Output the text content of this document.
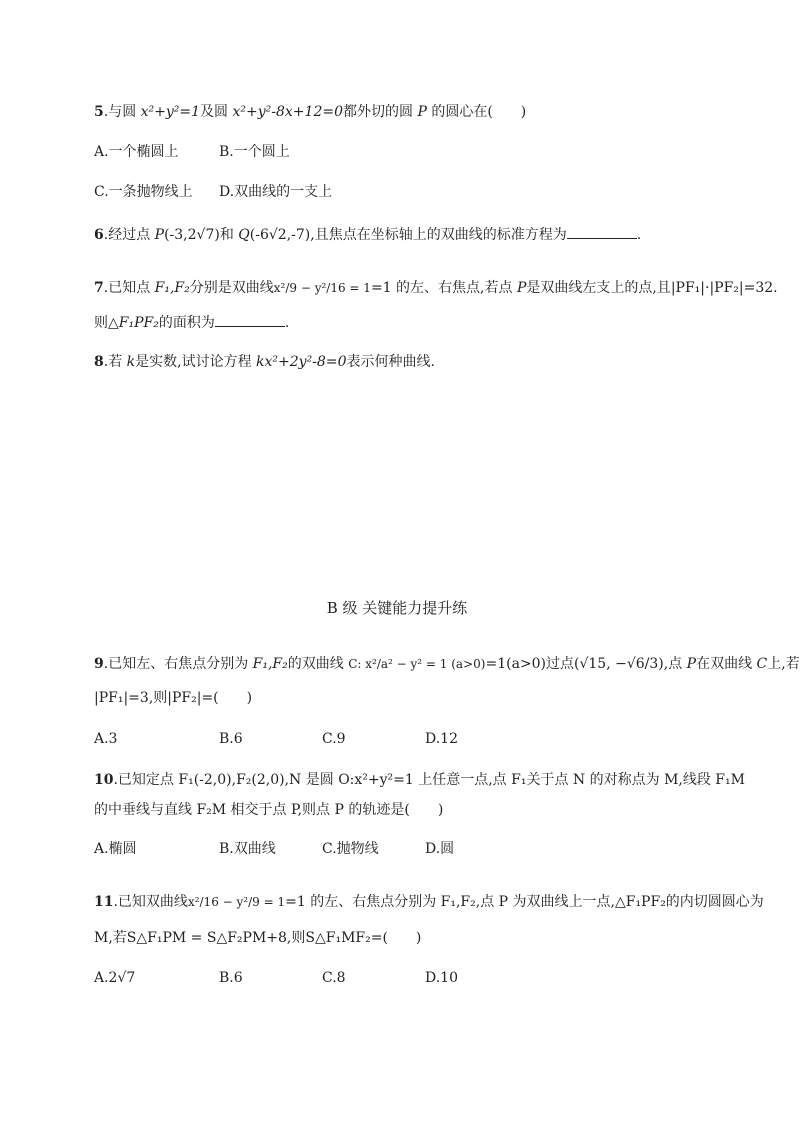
5.与圆 x²+y²=1及圆 x²+y²-8x+12=0都外切的圆 P 的圆心在(　　)
A.一个椭圆上	B.一个圆上
C.一条抛物线上 D.双曲线的一支上
6.经过点 P(-3,2√7)和 Q(-6√2,-7),且焦点在坐标轴上的双曲线的标准方程为	.
7.已知点 F₁,F₂分别是双曲线x²/9 − y²/16 = 1=1 的左、右焦点,若点 P是双曲线左支上的点,且|PF₁|·|PF₂|=32.
则△F₁PF₂的面积为	.
8.若 k是实数,试讨论方程 kx²+2y²-8=0表示何种曲线.
B 级 关键能力提升练
9.已知左、右焦点分别为 F₁,F₂的双曲线 C: x²/a² − y² = 1 (a>0)=1(a>0)过点(√15, −√6/3),点 P在双曲线 C上,若
|PF₁|=3,则|PF₂|=(　　)
A.3	B.6	C.9	D.12
10.已知定点 F₁(-2,0),F₂(2,0),N 是圆 O:x²+y²=1 上任意一点,点 F₁关于点 N 的对称点为 M,线段 F₁M
的中垂线与直线 F₂M 相交于点 P,则点 P 的轨迹是(　　)
A.椭圆	B.双曲线	C.抛物线	D.圆
11.已知双曲线x²/16 − y²/9 = 1=1 的左、右焦点分别为 F₁,F₂,点 P 为双曲线上一点,△F₁PF₂的内切圆圆心为
M,若S△F₁PM = S△F₂PM+8,则S△F₁MF₂=(　　)
A.2√7	B.6	C.8	D.10
